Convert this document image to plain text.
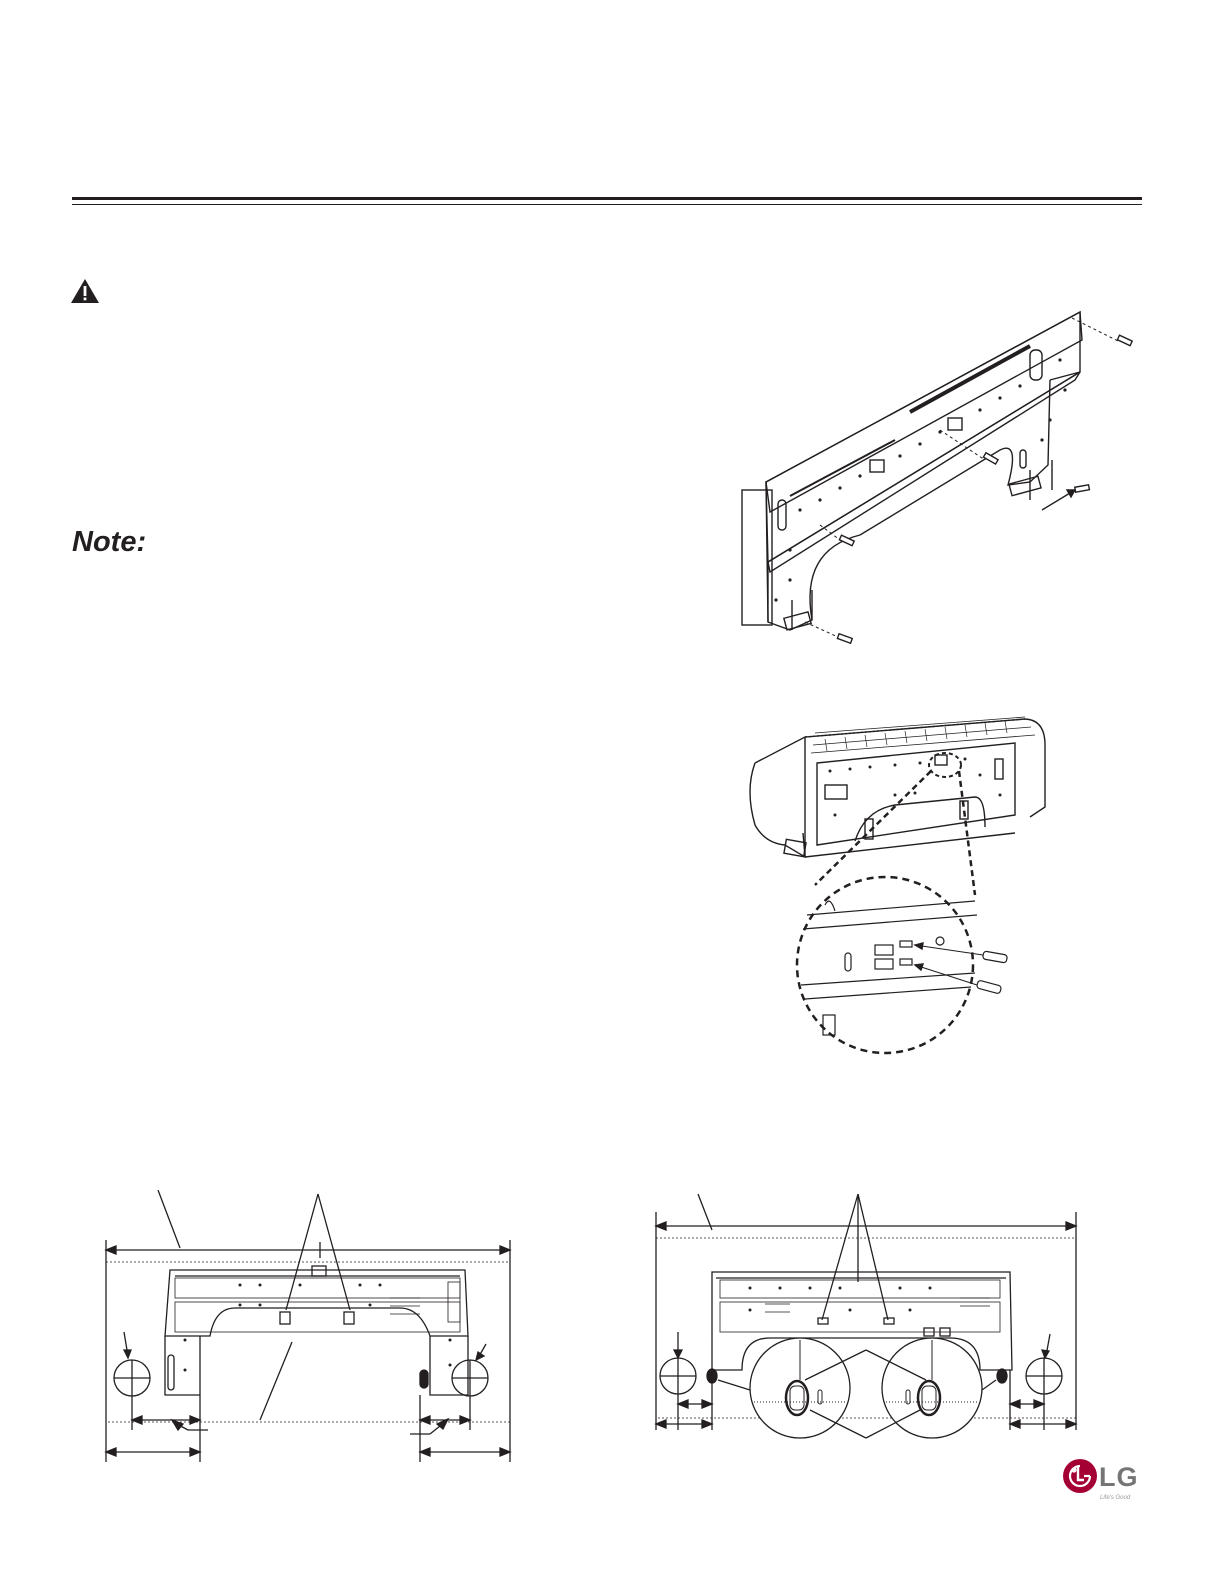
Note:
LG
Life's Good
